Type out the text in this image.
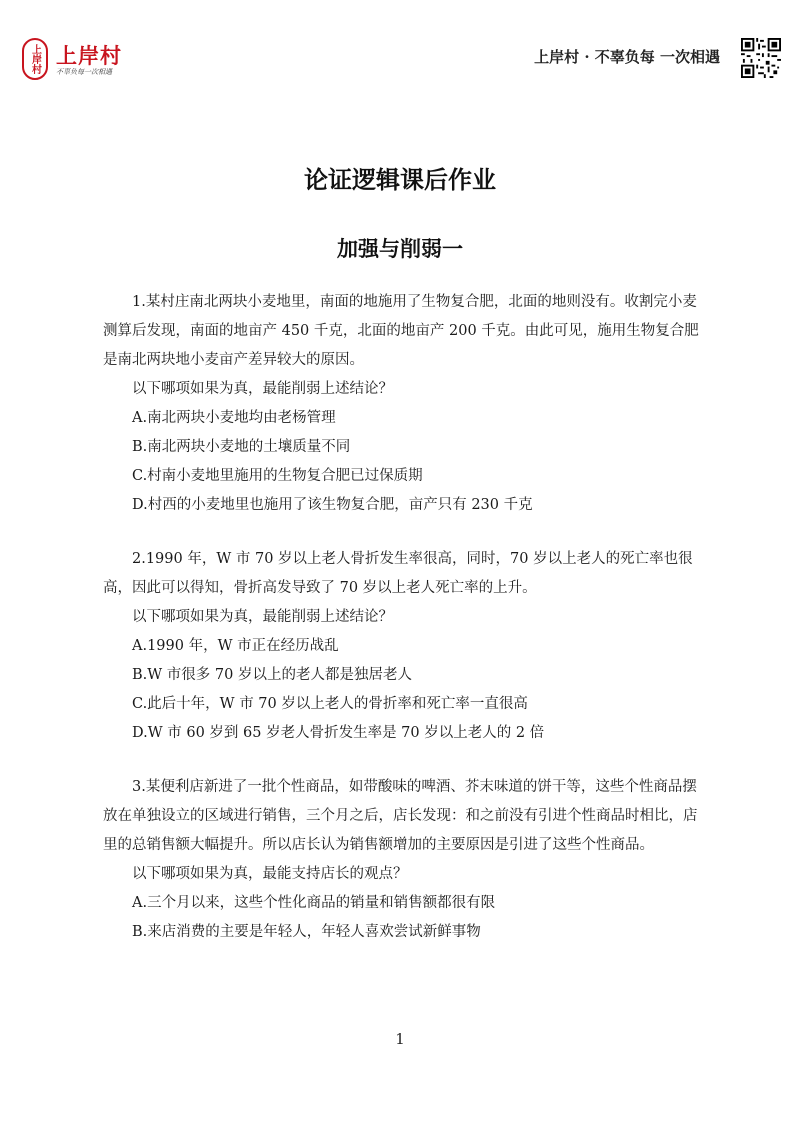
上岸村 上岸村
不辜负每一次相遇
上岸村 · 不辜负每 一次相遇
论证逻辑课后作业
加强与削弱一

1.某村庄南北两块小麦地里，南面的地施用了生物复合肥，北面的地则没有。收割完小麦测算后发现，南面的地亩产 450 千克，北面的地亩产 200 千克。由此可见，施用生物复合肥是南北两块地小麦亩产差异较大的原因。

以下哪项如果为真，最能削弱上述结论？

A.南北两块小麦地均由老杨管理

B.南北两块小麦地的土壤质量不同

C.村南小麦地里施用的生物复合肥已过保质期

D.村西的小麦地里也施用了该生物复合肥，亩产只有 230 千克

2.1990 年，W 市 70 岁以上老人骨折发生率很高，同时，70 岁以上老人的死亡率也很高，因此可以得知，骨折高发导致了 70 岁以上老人死亡率的上升。

以下哪项如果为真，最能削弱上述结论？

A.1990 年，W 市正在经历战乱

B.W 市很多 70 岁以上的老人都是独居老人

C.此后十年，W 市 70 岁以上老人的骨折率和死亡率一直很高

D.W 市 60 岁到 65 岁老人骨折发生率是 70 岁以上老人的 2 倍

3.某便利店新进了一批个性商品，如带酸味的啤酒、芥末味道的饼干等，这些个性商品摆放在单独设立的区域进行销售，三个月之后，店长发现：和之前没有引进个性商品时相比，店里的总销售额大幅提升。所以店长认为销售额增加的主要原因是引进了这些个性商品。

以下哪项如果为真，最能支持店长的观点？

A.三个月以来，这些个性化商品的销量和销售额都很有限

B.来店消费的主要是年轻人，年轻人喜欢尝试新鲜事物

1
